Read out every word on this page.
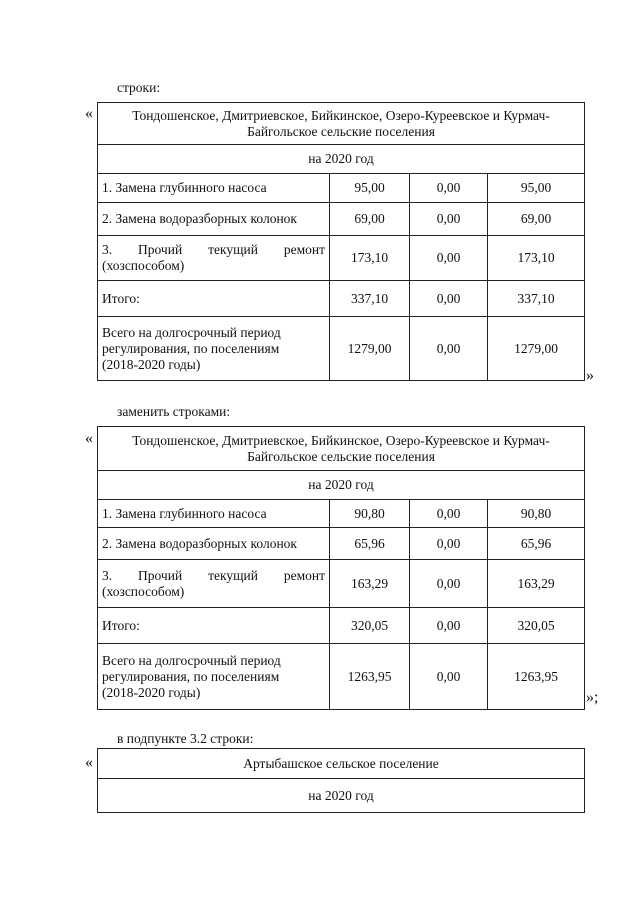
строки:
«	Тондошенское, Дмитриевское, Бийкинское, Озеро-Куреевское и Курмач-
Байгольское сельские поселения			

на 2020 год			
1. Замена глубинного насоса	95,00	0,00	95,00
2. Замена водоразборных колонок	69,00	0,00	69,00

3. Прочий текущий ремонт
(хозспособом)	173,10	0,00	173,10
Итого:	337,10	0,00	337,10

Всего на долгосрочный период
регулирования, по поселениям
(2018-2020 годы)	1279,00	0,00	1279,00
»
заменить строками:
«	Тондошенское, Дмитриевское, Бийкинское, Озеро-Куреевское и Курмач-
Байгольское сельские поселения			

на 2020 год			
1. Замена глубинного насоса	90,80	0,00	90,80
2. Замена водоразборных колонок	65,96	0,00	65,96

3. Прочий текущий ремонт
(хозспособом)	163,29	0,00	163,29
Итого:	320,05	0,00	320,05

Всего на долгосрочный период
регулирования, по поселениям
(2018-2020 годы)	1263,95	0,00	1263,95
»;
в подпункте 3.2 строки:
«	Артыбашское сельское поселение
на 2020 год
